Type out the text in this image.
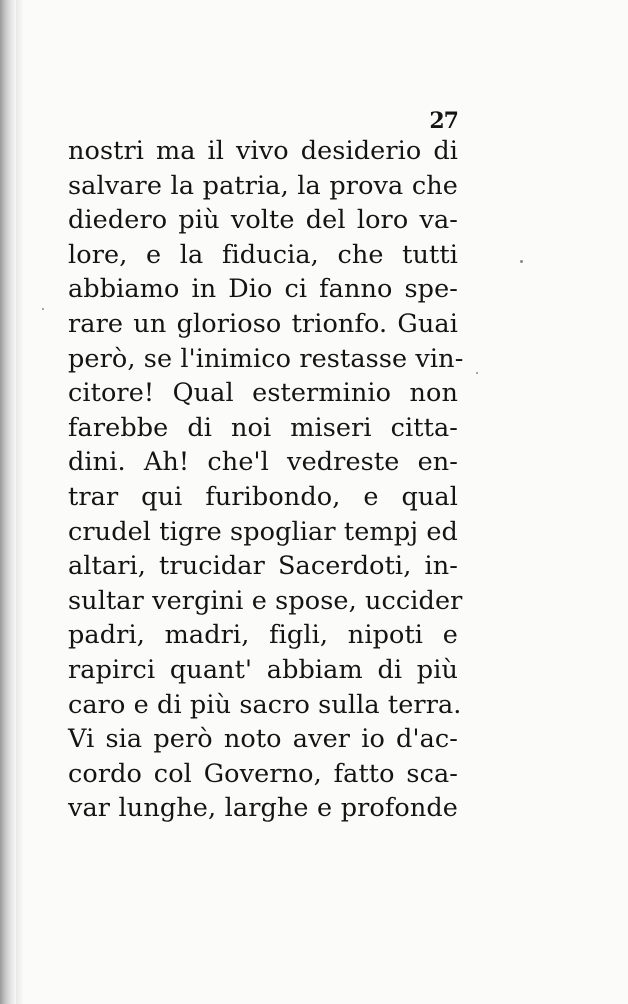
27
nostri ma il vivo desiderio di
salvare la patria, la prova che
diedero più volte del loro va-
lore, e la fiducia, che tutti
abbiamo in Dio ci fanno spe-
rare un glorioso trionfo. Guai
però, se l'inimico restasse vin-
citore! Qual esterminio non
farebbe di noi miseri citta-
dini. Ah! che'l vedreste en-
trar qui furibondo, e qual
crudel tigre spogliar tempj ed
altari, trucidar Sacerdoti, in-
sultar vergini e spose, uccider
padri, madri, figli, nipoti e
rapirci quant' abbiam di più
caro e di più sacro sulla terra.
Vi sia però noto aver io d'ac-
cordo col Governo, fatto sca-
var lunghe, larghe e profonde
